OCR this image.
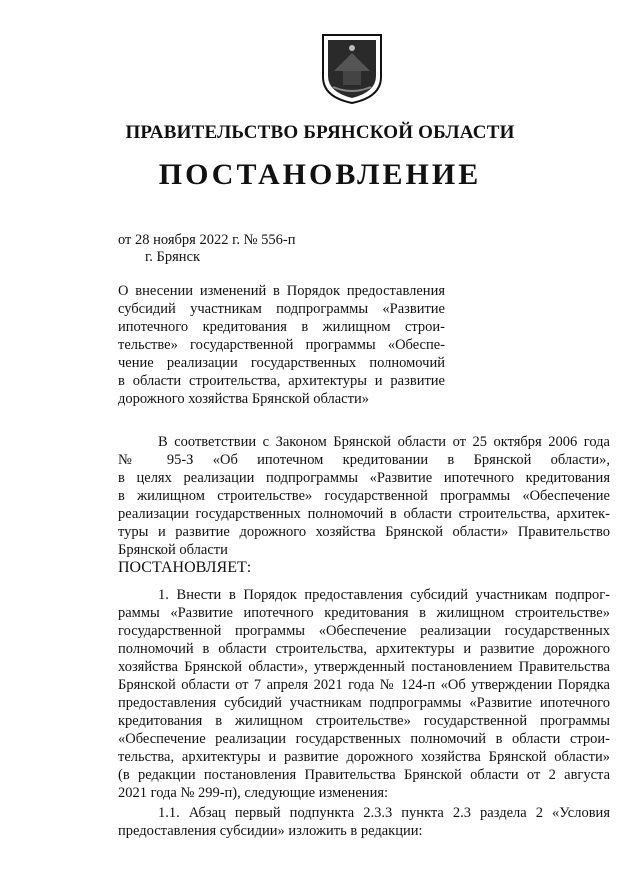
ПРАВИТЕЛЬСТВО БРЯНСКОЙ ОБЛАСТИ
ПОСТАНОВЛЕНИЕ
от 28 ноября 2022 г. № 556-п
г. Брянск
О внесении изменений в Порядок предоставления
субсидий участникам подпрограммы «Развитие
ипотечного кредитования в жилищном строи-
тельстве» государственной программы «Обеспе-
чение реализации государственных полномочий
в области строительства, архитектуры и развитие
дорожного хозяйства Брянской области»
В соответствии с Законом Брянской области от 25 октября 2006 года
№ 95-З «Об ипотечном кредитовании в Брянской области»,
в целях реализации подпрограммы «Развитие ипотечного кредитования
в жилищном строительстве» государственной программы «Обеспечение
реализации государственных полномочий в области строительства, архитек-
туры и развитие дорожного хозяйства Брянской области» Правительство
Брянской области
ПОСТАНОВЛЯЕТ:
1. Внести в Порядок предоставления субсидий участникам подпрог-
раммы «Развитие ипотечного кредитования в жилищном строительстве»
государственной программы «Обеспечение реализации государственных
полномочий в области строительства, архитектуры и развитие дорожного
хозяйства Брянской области», утвержденный постановлением Правительства
Брянской области от 7 апреля 2021 года № 124-п «Об утверждении Порядка
предоставления субсидий участникам подпрограммы «Развитие ипотечного
кредитования в жилищном строительстве» государственной программы
«Обеспечение реализации государственных полномочий в области строи-
тельства, архитектуры и развитие дорожного хозяйства Брянской области»
(в редакции постановления Правительства Брянской области от 2 августа
2021 года № 299-п), следующие изменения:
1.1. Абзац первый подпункта 2.3.3 пункта 2.3 раздела 2 «Условия
предоставления субсидии» изложить в редакции:
